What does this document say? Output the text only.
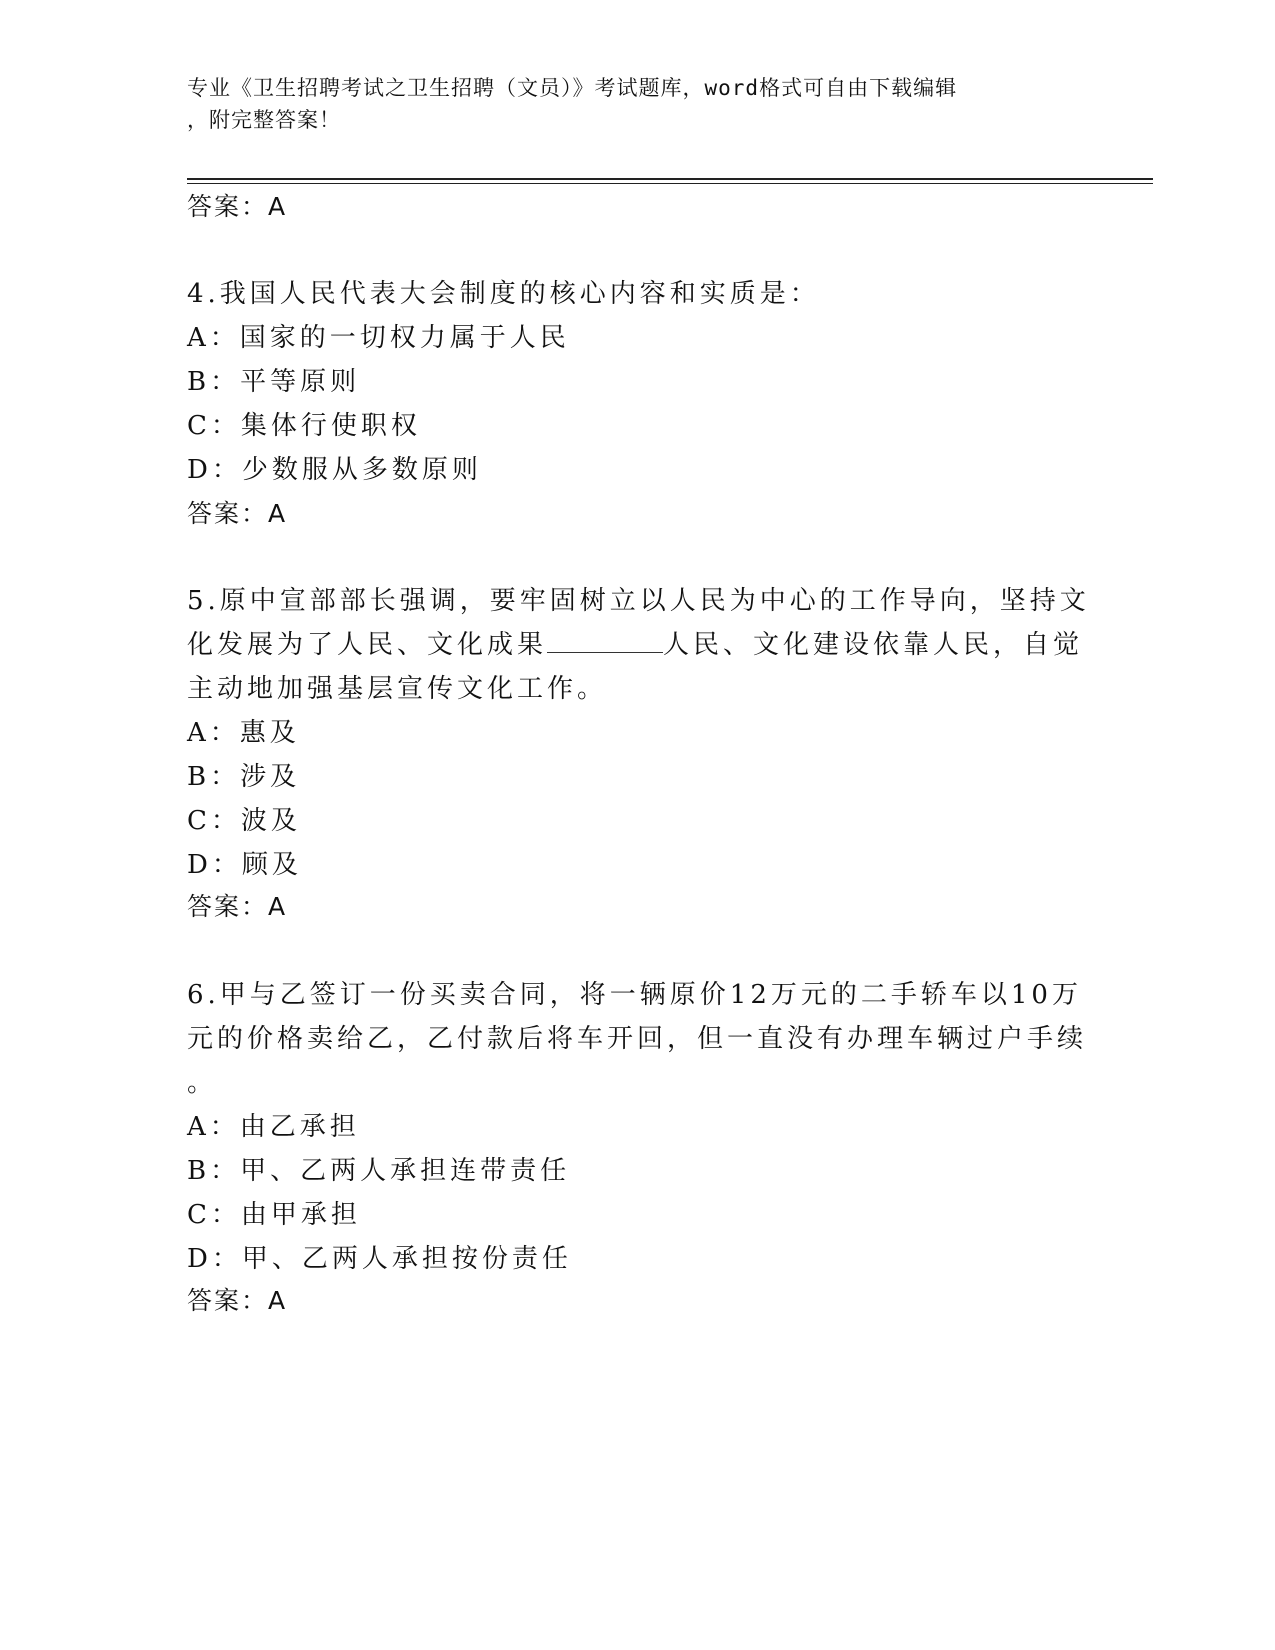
专业《卫生招聘考试之卫生招聘（文员）》考试题库，word格式可自由下载编辑
，附完整答案！
答案：A
4.我国人民代表大会制度的核心内容和实质是：
A：国家的一切权力属于人民
B：平等原则
C：集体行使职权
D：少数服从多数原则
答案：A
5.原中宣部部长强调，要牢固树立以人民为中心的工作导向，坚持文
化发展为了人民、文化成果	人民、文化建设依靠人民，自觉
主动地加强基层宣传文化工作。
A：惠及
B：涉及
C：波及
D：顾及
答案：A
6.甲与乙签订一份买卖合同，将一辆原价12万元的二手轿车以10万
元的价格卖给乙，乙付款后将车开回，但一直没有办理车辆过户手续
。
A：由乙承担
B：甲、乙两人承担连带责任
C：由甲承担
D：甲、乙两人承担按份责任
答案：A
